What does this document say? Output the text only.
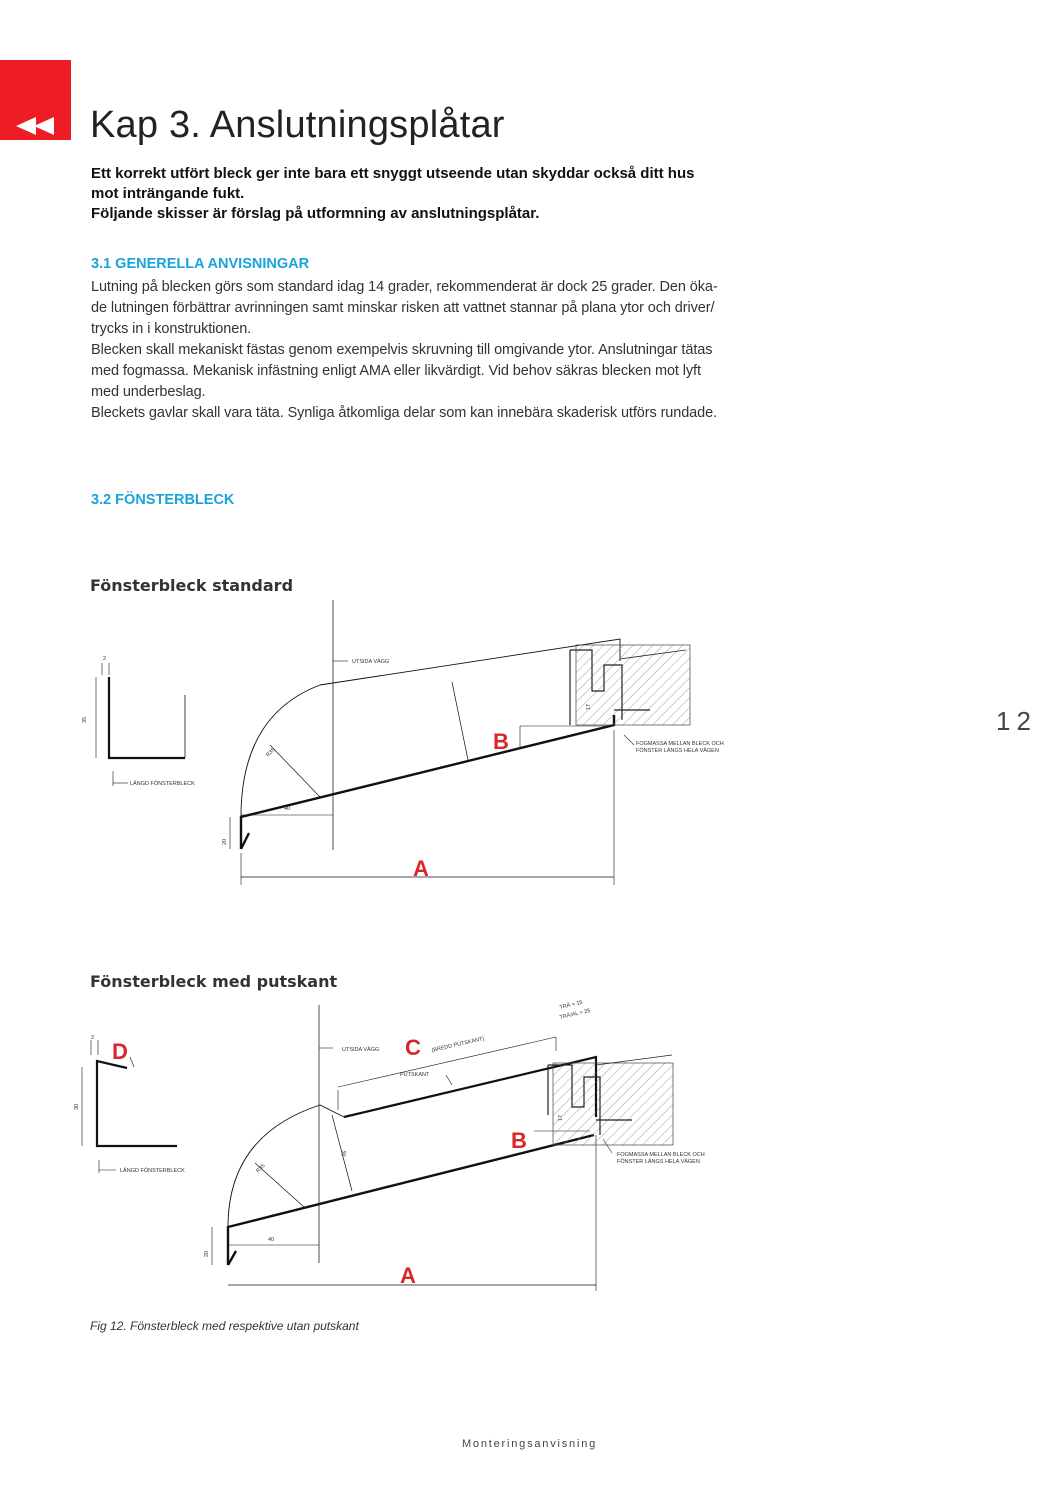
Kap 3. Anslutningsplåtar
Ett korrekt utfört bleck ger inte bara ett snyggt utseende utan skyddar också ditt hus
mot inträngande fukt.
Följande skisser är förslag på utformning av anslutningsplåtar.
3.1 GENERELLA ANVISNINGAR

Lutning på blecken görs som standard idag 14 grader, rekommenderat är dock 25 grader. Den öka-

de lutningen förbättrar avrinningen samt minskar risken att vattnet stannar på plana ytor och driver/

trycks in i konstruktionen.

Blecken skall mekaniskt fästas genom exempelvis skruvning till omgivande ytor. Anslutningar tätas

med fogmassa. Mekanisk infästning enligt AMA eller likvärdigt. Vid behov säkras blecken mot lyft

med underbeslag.

Bleckets gavlar skall vara täta. Synliga åtkomliga delar som kan innebära skaderisk utförs rundade.

3.2 FÖNSTERBLECK
12
Fönsterbleck standard
2
35
LÄNGD FÖNSTERBLECK
UTSIDA VÄGG
R35
20
40
FOGMASSA MELLAN BLECK OCH
FÖNSTER LÄNGS HELA VÄGEN
B
A
Fönsterbleck med putskant
2
30
LÄNGD FÖNSTERBLECK
D	UTSIDA VÄGG
R35
20
40
36
PUTSKANT
(BREDD PUTSKANT)
TRÄ = 15
TRÄ/AL = 25
FOGMASSA MELLAN BLECK OCH
FÖNSTER LÄNGS HELA VÄGEN
C
B
A
Fig 12. Fönsterbleck med respektive utan putskant
Monteringsanvisning
